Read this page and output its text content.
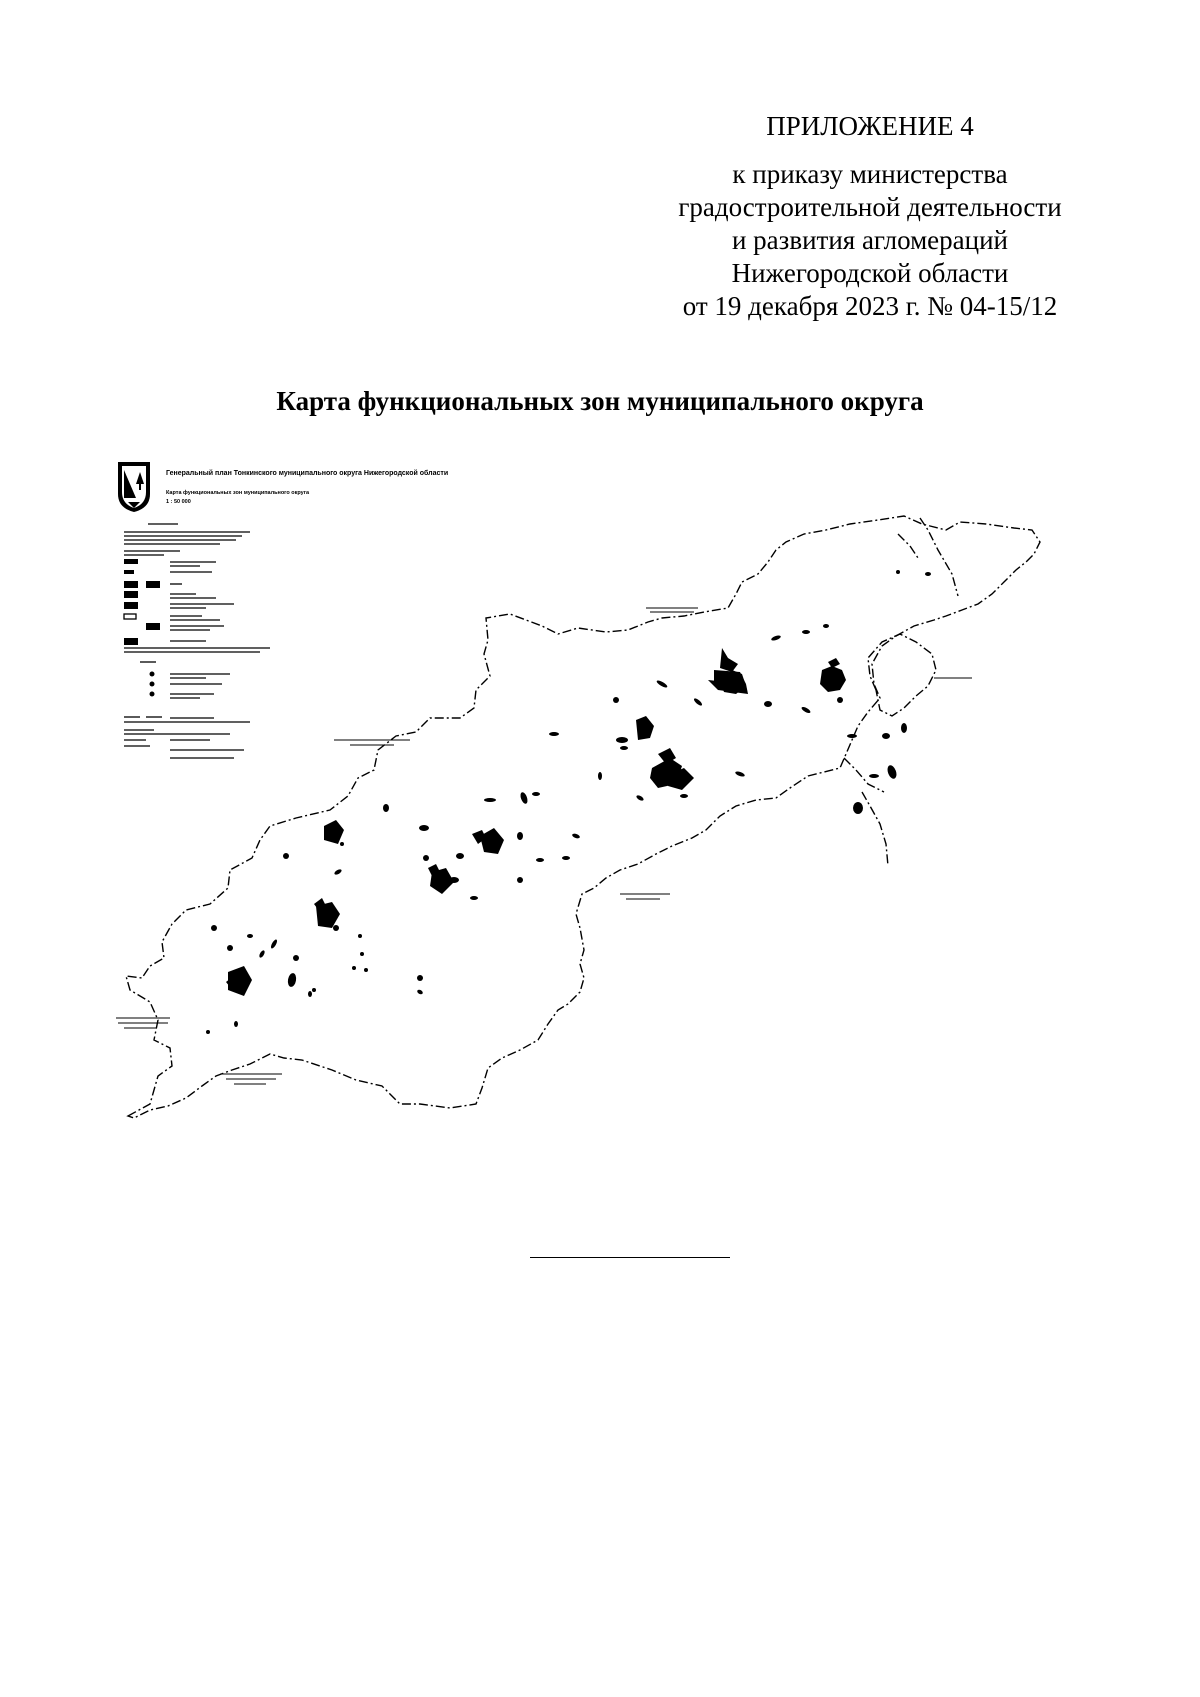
ПРИЛОЖЕНИЕ 4
к приказу министерства
градостроительной деятельности
и развития агломераций
Нижегородской области
от 19 декабря 2023 г. № 04-15/12
Карта функциональных зон муниципального округа
Генеральный план Тонкинского муниципального округа Нижегородской области
Карта функциональных зон муниципального округа
1 : 50 000
